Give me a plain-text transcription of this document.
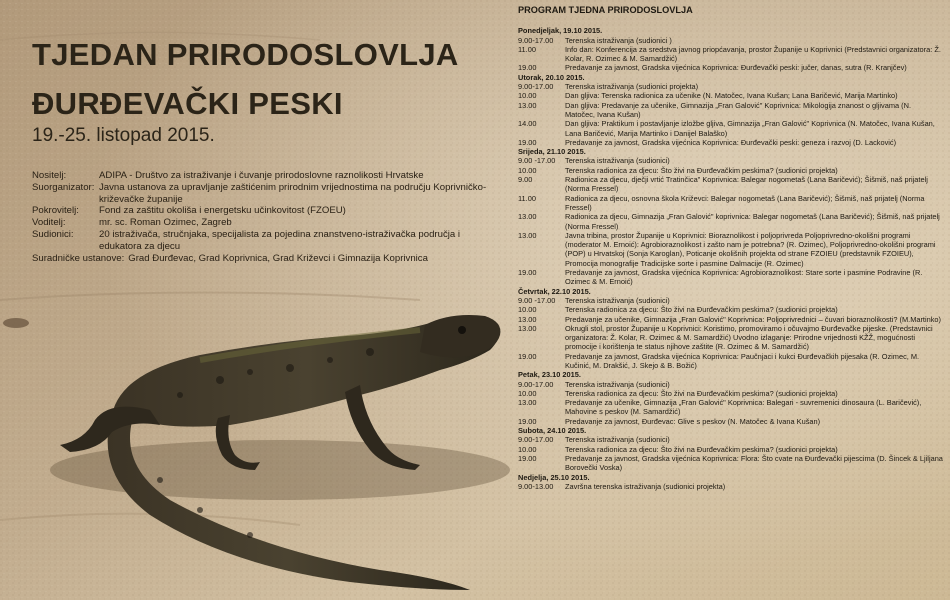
TJEDAN PRIRODOSLOVLJA
ĐURĐEVAČKI PESKI
19.-25. listopad 2015.
Nositelj:	ADIPA - Društvo za istraživanje i čuvanje prirodoslovne raznolikosti Hrvatske
Suorganizator: Javna ustanova za upravljanje zaštićenim prirodnim vrijednostima na području Koprivničko-križevačke županije
Pokrovitelj:	Fond za zaštitu okoliša i energetsku učinkovitost (FZOEU)
Voditelj:	mr. sc. Roman Ozimec, Zagreb
Sudionici:	20 istraživača, stručnjaka, specijalista za pojedina znanstveno-istraživačka područja i edukatora za djecu
Suradničke ustanove: Grad Đurđevac, Grad Koprivnica, Grad Križevci i Gimnazija Koprivnica
PROGRAM TJEDNA PRIRODOSLOVLJA
Ponedjeljak, 19.10 2015.
9.00-17.00	Terenska istraživanja (sudionici )
11.00	Info dan: Konferencija za sredstva javnog priopćavanja, prostor Županije u Koprivnici (Predstavnici organizatora: Ž. Kolar, R. Ozimec & M. Samardžić)
19.00	Predavanje za javnost, Gradska vijećnica Koprivnica: Đurđevački peski: jučer, danas, sutra (R. Kranjčev)
Utorak, 20.10 2015.
9.00-17.00	Terenska istraživanja (sudionici projekta)
10.00	Dan gljiva: Terenska radionica za učenike (N. Matočec, Ivana Kušan; Lana Baričević, Marija Martinko)
13.00	Dan gljiva: Predavanje za učenike, Gimnazija „Fran Galović" Koprivnica: Mikologija znanost o gljivama (N. Matočec, Ivana Kušan)
14.00	Dan gljiva: Praktikum i postavljanje izložbe gljiva, Gimnazija „Fran Galović" Koprivnica (N. Matočec, Ivana Kušan, Lana Baričević, Marija Martinko i Danijel Balaško)
19.00	Predavanje za javnost, Gradska vijećnica Koprivnica: Đurđevački peski: geneza i razvoj (D. Lacković)
Srijeda, 21.10 2015.
9.00 -17.00	Terenska istraživanja (sudionici)
10.00	Terenska radionica za djecu: Što živi na Đurđevačkim peskima? (sudionici projekta)
9.00	Radionica za djecu, dječji vrtić Tratinčica" Koprivnica: Balegar nogometaš (Lana Baričević); Šišmiš, naš prijatelj (Norma Fressel)
11.00	Radionica za djecu, osnovna škola Križevci: Balegar nogometaš (Lana Baričević); Šišmiš, naš prijatelj (Norma Fressel)
13.00	Radionica za djecu, Gimnazija „Fran Galović" koprivnica: Balegar nogometaš (Lana Baričević); Šišmiš, naš prijatelj (Norma Fressel)
13.00	Javna tribina, prostor Županije u Koprivnici: Bioraznolikost i poljoprivreda Poljoprivredno-okolišni programi (moderator M. Ernoić): Agrobioraznolikost i zašto nam je potrebna? (R. Ozimec), Poljoprivredno-okolišni programi (POP) u Hrvatskoj (Sonja Karoglan), Poticanje okolišnih projekta od strane FZOIEU (predstavnik FZOIEU), Promocija monografije Tradicijske sorte i pasmine Dalmacije (R. Ozimec)
19.00	Predavanje za javnost, Gradska vijećnica Koprivnica: Agrobioraznolikost: Stare sorte i pasmine Podravine (R. Ozimec & M. Ernoić)
Četvrtak, 22.10 2015.
9.00 -17.00	Terenska istraživanja (sudionici)
10.00	Terenska radionica za djecu: Što živi na Đurđevačkim peskima? (sudionici projekta)
13.00	Predavanje za učenike, Gimnazija „Fran Galović" Koprivnica: Poljoprivrednici – čuvari bioraznolikosti? (M.Martinko)
13.00	Okrugli stol, prostor Županije u Koprivnici: Koristimo, promoviramo i očuvajmo Đurđevačke pijeske. (Predstavnici organizatora: Ž. Kolar, R. Ozimec & M. Samardžić) Uvodno izlaganje: Prirodne vrijednosti KŽŽ, mogućnosti promocije i korištenja te status njihove zaštite (R. Ozimec & M. Samardžić)
19.00	Predavanje za javnost, Gradska vijećnica Koprivnica: Paučnjaci i kukci Đurđevačkih pijesaka (R. Ozimec, M. Kučinić, M. Drakšić, J. Skejo & B. Božić)
Petak, 23.10 2015.
9.00-17.00	Terenska istraživanja (sudionici)
10.00	Terenska radionica za djecu: Što živi na Đurđevačkim peskima? (sudionici projekta)
13.00	Predavanje za učenike, Gimnazija „Fran Galović" Koprivnica: Balegari - suvremenici dinosaura (L. Baričević), Mahovine s peskov (M. Samardžić)
19.00	Predavanje za javnost, Đurđevac: Glive s peskov (N. Matočec & Ivana Kušan)
Subota, 24.10 2015.
9.00-17.00	Terenska istraživanja (sudionici)
10.00	Terenska radionica za djecu: Što živi na Đurđevačkim peskima? (sudionici projekta)
19.00	Predavanje za javnost, Gradska vijećnica Koprivnica: Flora: Što cvate na Đurđevački pijescima (D. Šincek & Ljiljana Borovečki Voska)
Nedjelja, 25.10 2015.
9.00-13.00	Završna terenska istraživanja (sudionici projekta)
